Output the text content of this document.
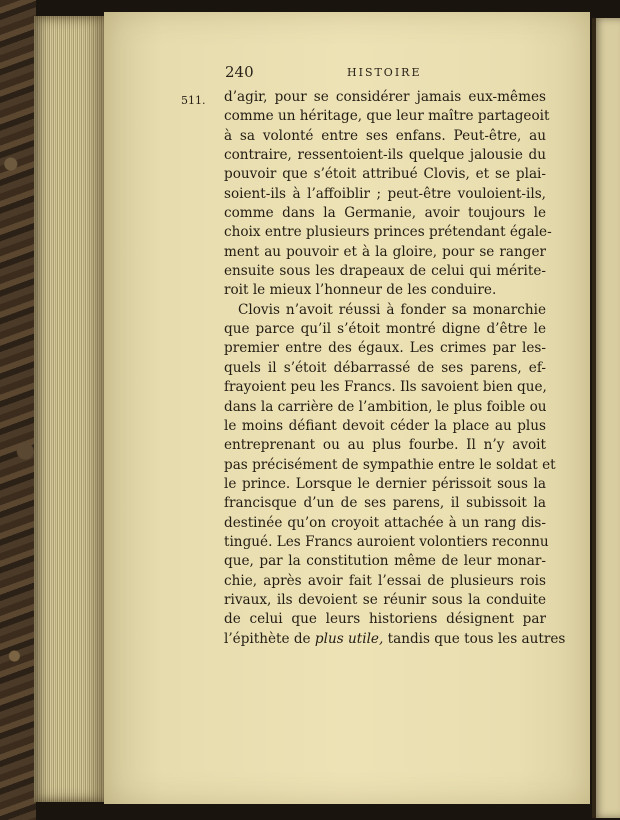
240	HISTOIRE
511. d’agir, pour se considérer jamais eux-mêmes
comme un héritage, que leur maître partageoit
à sa volonté entre ses enfans. Peut-être, au
contraire, ressentoient-ils quelque jalousie du
pouvoir que s’étoit attribué Clovis, et se plai-
soient-ils à l’affoiblir ; peut-être vouloient-ils,
comme dans la Germanie, avoir toujours le
choix entre plusieurs princes prétendant égale-
ment au pouvoir et à la gloire, pour se ranger
ensuite sous les drapeaux de celui qui mérite-
roit le mieux l’honneur de les conduire.
Clovis n’avoit réussi à fonder sa monarchie
que parce qu’il s’étoit montré digne d’être le
premier entre des égaux. Les crimes par les-
quels il s’étoit débarrassé de ses parens, ef-
frayoient peu les Francs. Ils savoient bien que,
dans la carrière de l’ambition, le plus foible ou
le moins défiant devoit céder la place au plus
entreprenant ou au plus fourbe. Il n’y avoit
pas précisément de sympathie entre le soldat et
le prince. Lorsque le dernier périssoit sous la
francisque d’un de ses parens, il subissoit la
destinée qu’on croyoit attachée à un rang dis-
tingué. Les Francs auroient volontiers reconnu
que, par la constitution même de leur monar-
chie, après avoir fait l’essai de plusieurs rois
rivaux, ils devoient se réunir sous la conduite
de celui que leurs historiens désignent par
l’épithète de plus utile, tandis que tous les autres
